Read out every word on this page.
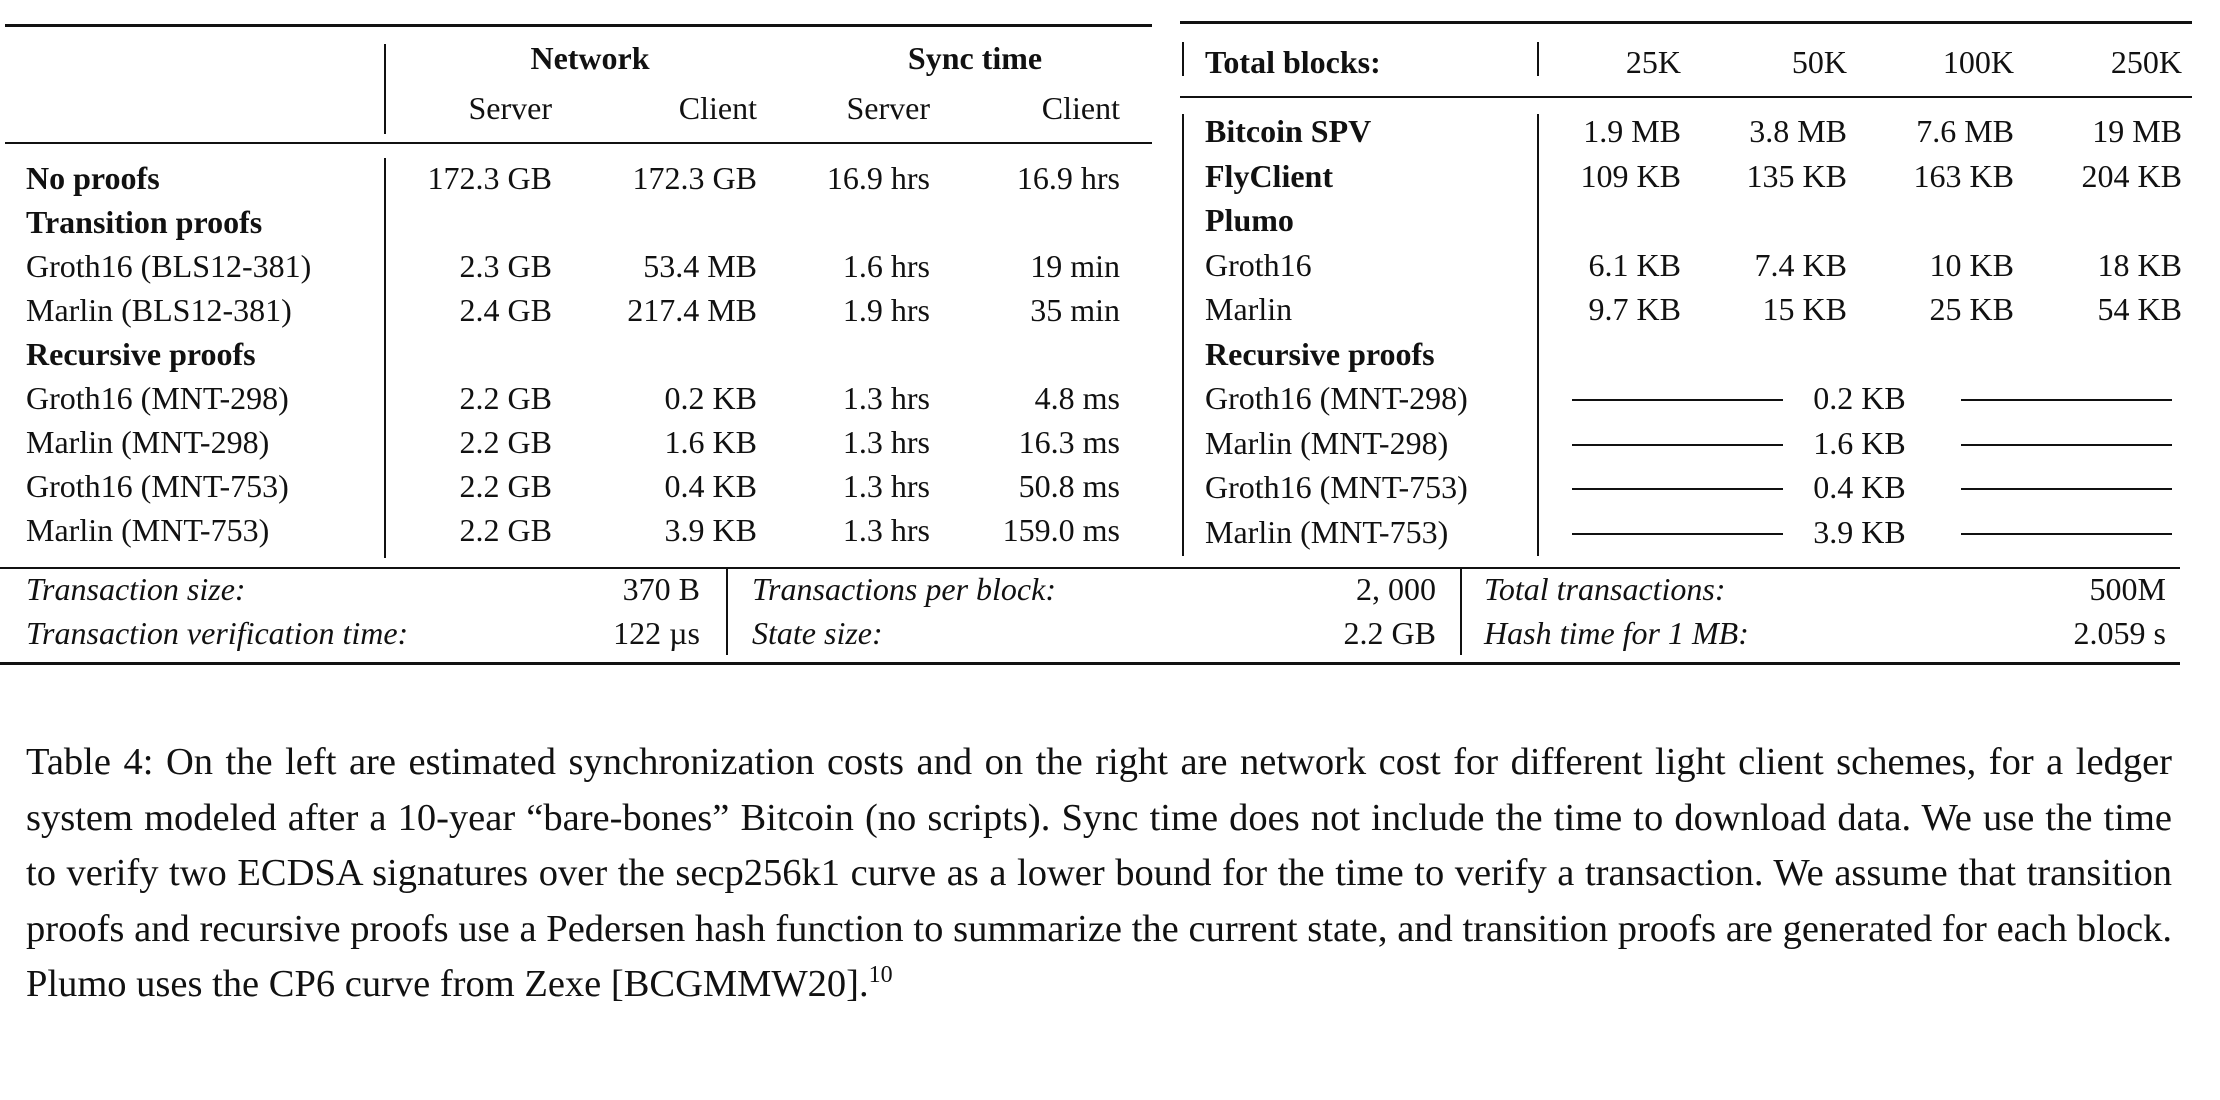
Network	Sync time
Server	Client	Server	Client
No proofs	172.3 GB	172.3 GB	16.9 hrs	16.9 hrs
Transition proofs
Groth16 (BLS12-381)	2.3 GB	53.4 MB	1.6 hrs	19 min
Marlin (BLS12-381)	2.4 GB	217.4 MB	1.9 hrs	35 min
Recursive proofs
Groth16 (MNT-298)	2.2 GB	0.2 KB	1.3 hrs	4.8 ms
Marlin (MNT-298)	2.2 GB	1.6 KB	1.3 hrs	16.3 ms
Groth16 (MNT-753)	2.2 GB	0.4 KB	1.3 hrs	50.8 ms
Marlin (MNT-753)	2.2 GB	3.9 KB	1.3 hrs	159.0 ms
Total blocks:	25K	50K	100K	250K
Bitcoin SPV	1.9 MB	3.8 MB	7.6 MB	19 MB
FlyClient	109 KB	135 KB	163 KB	204 KB
Plumo
Groth16	6.1 KB	7.4 KB	10 KB	18 KB
Marlin	9.7 KB	15 KB	25 KB	54 KB
Recursive proofs
Groth16 (MNT-298)	0.2 KB
Marlin (MNT-298)	1.6 KB
Groth16 (MNT-753)	0.4 KB
Marlin (MNT-753)	3.9 KB
Transaction size:	370 B
Transaction verification time:	122 µs
Transactions per block:	2, 000
State size:	2.2 GB
Total transactions:	500M
Hash time for 1 MB:	2.059 s
Table 4: On the left are estimated synchronization costs and on the right are network cost for different light client schemes, for a ledger system modeled after a 10-year “bare-bones” Bitcoin (no scripts). Sync time does not include the time to download data. We use the time to verify two ECDSA signatures over the secp256k1 curve as a lower bound for the time to verify a transaction. We assume that transition proofs and recursive proofs use a Pedersen hash function to summarize the current state, and transition proofs are generated for each block. Plumo uses the CP6 curve from Zexe [BCGMMW20].$^{10}$
